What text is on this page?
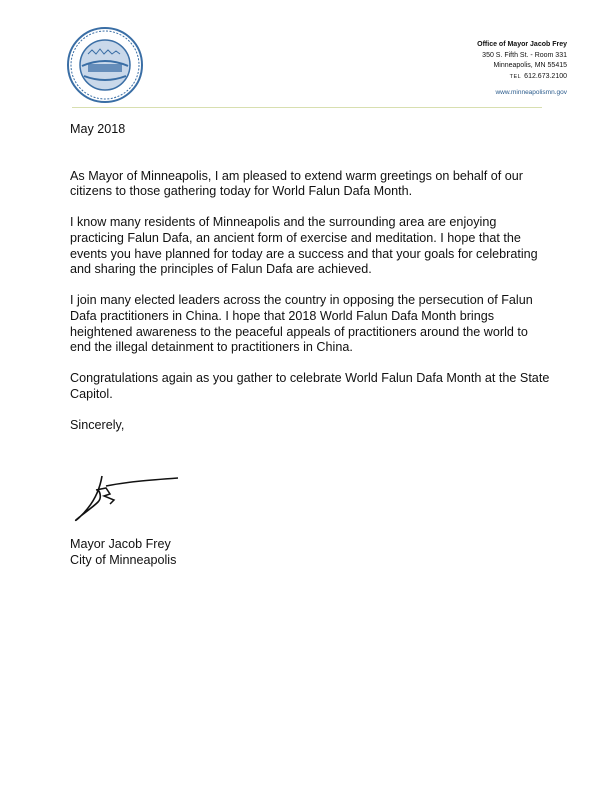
Office of Mayor Jacob Frey
350 S. Fifth St. - Room 331
Minneapolis, MN 55415
TEL 612.673.2100
www.minneapolismn.gov

May 2018

As Mayor of Minneapolis, I am pleased to extend warm greetings on behalf of our citizens to those gathering today for World Falun Dafa Month.

I know many residents of Minneapolis and the surrounding area are enjoying practicing Falun Dafa, an ancient form of exercise and meditation. I hope that the events you have planned for today are a success and that your goals for celebrating and sharing the principles of Falun Dafa are achieved.

I join many elected leaders across the country in opposing the persecution of Falun Dafa practitioners in China. I hope that 2018 World Falun Dafa Month brings heightened awareness to the peaceful appeals of practitioners around the world to end the illegal detainment to practitioners in China.

Congratulations again as you gather to celebrate World Falun Dafa Month at the State Capitol.

Sincerely,

Mayor Jacob Frey
City of Minneapolis
